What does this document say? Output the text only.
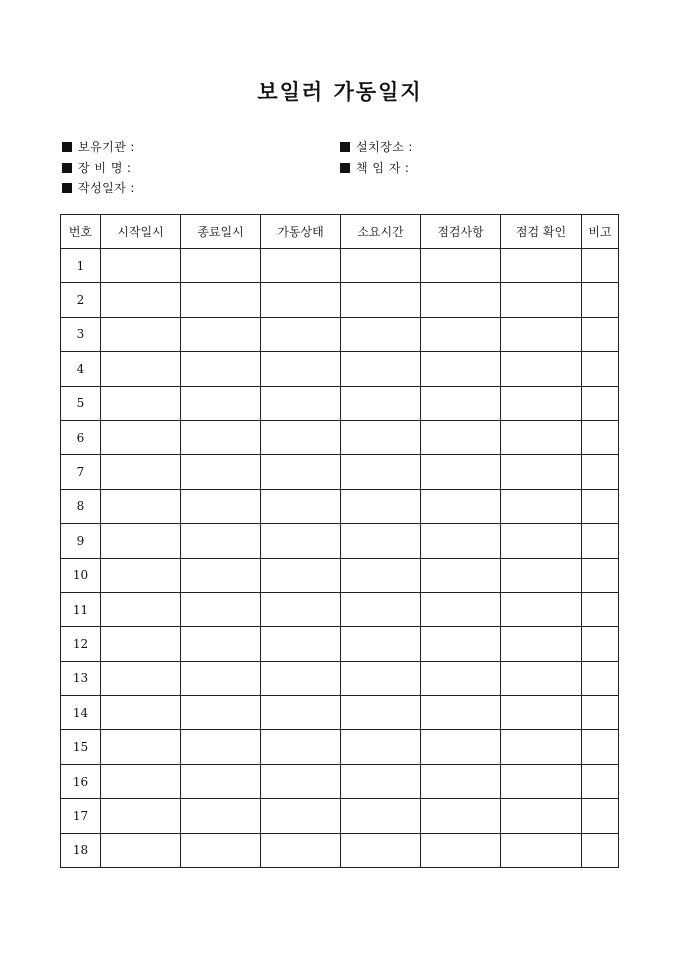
보일러 가동일지
보유기관 :	설치장소 :
장 비 명 :	책 임 자 :
작성일자 :
번호	시작일시	종료일시	가동상태	소요시간	점검사항	점검 확인	비고
1							
2							
3							
4							
5							
6							
7							
8							
9							
10							
11							
12							
13							
14							
15							
16							
17							
18							
